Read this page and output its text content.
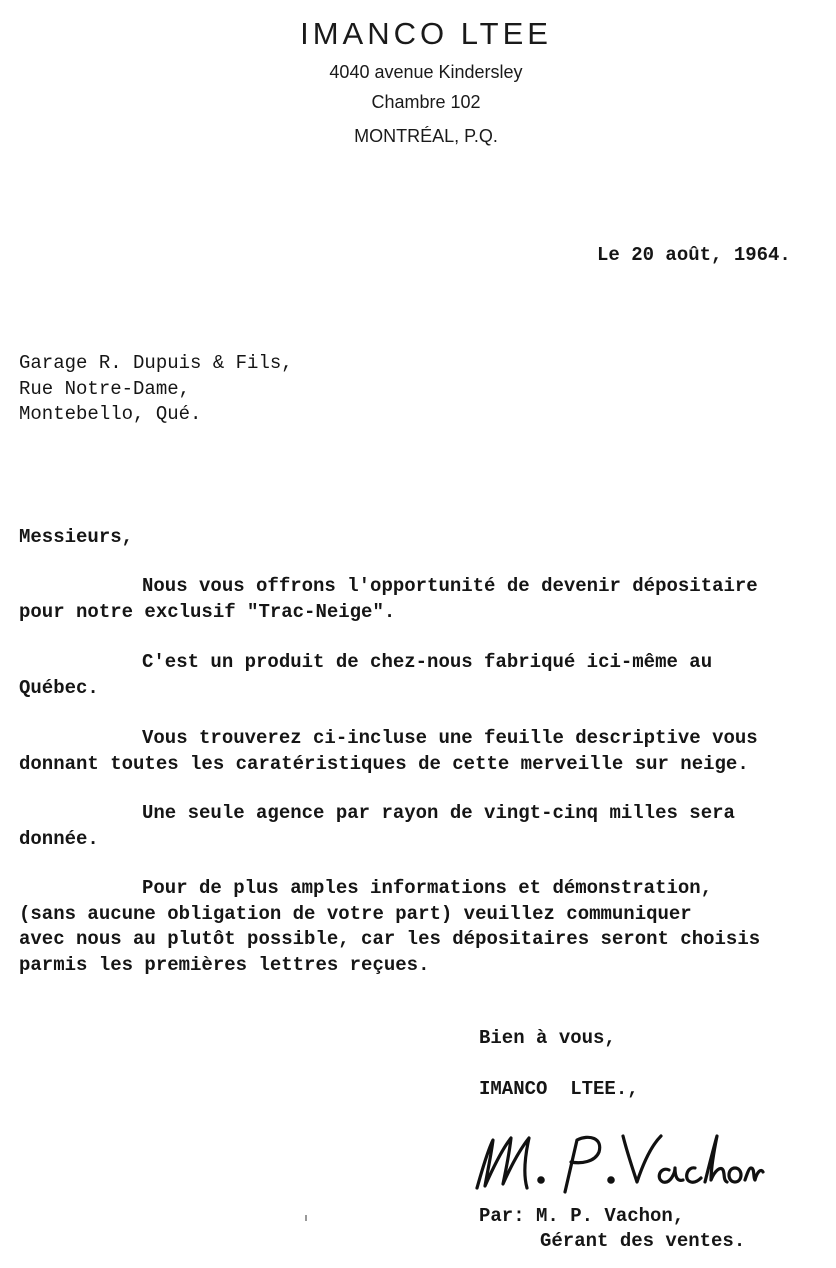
IMANCO LTEE
4040 avenue Kindersley
Chambre 102
MONTRÉAL, P.Q.
Le 20 août, 1964.
Garage R. Dupuis & Fils,
Rue Notre-Dame,
Montebello, Qué.
Messieurs,
Nous vous offrons l'opportunité de devenir dépositaire
pour notre exclusif "Trac-Neige".
C'est un produit de chez-nous fabriqué ici-même au
Québec.
Vous trouverez ci-incluse une feuille descriptive vous
donnant toutes les caratéristiques de cette merveille sur neige.
Une seule agence par rayon de vingt-cinq milles sera
donnée.
Pour de plus amples informations et démonstration,
(sans aucune obligation de votre part) veuillez communiquer
avec nous au plutôt possible, car les dépositaires seront choisis
parmis les premières lettres reçues.
Bien à vous,
IMANCO  LTEE.,
Par: M. P. Vachon,
Gérant des ventes.
